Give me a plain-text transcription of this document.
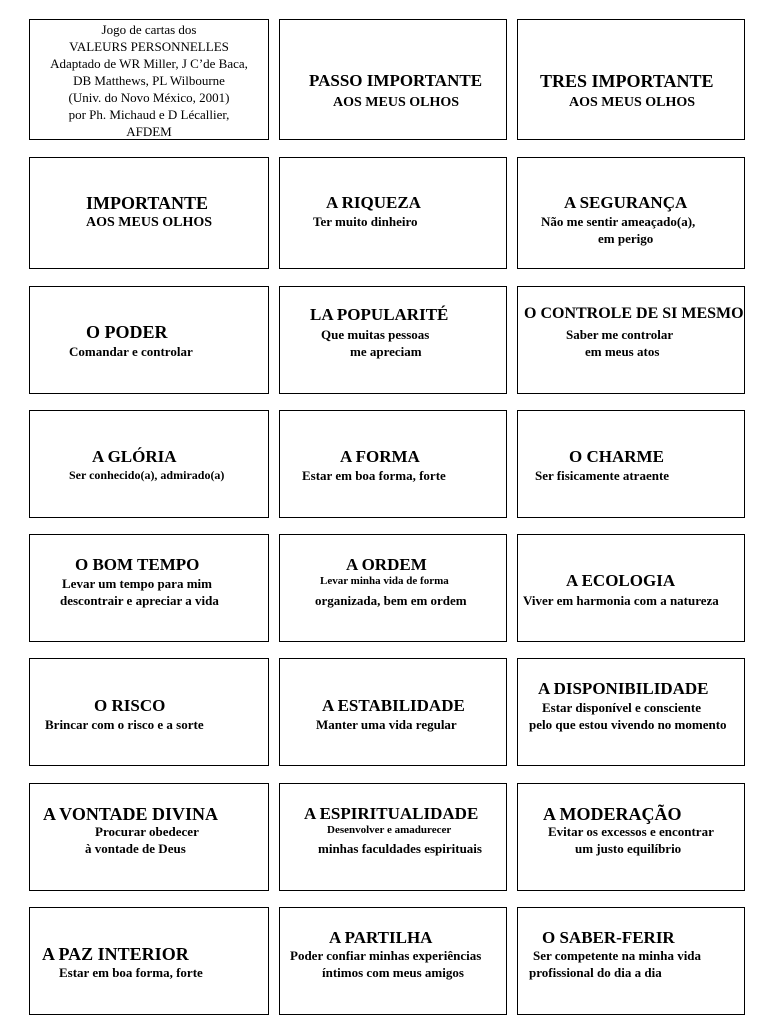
Jogo de cartas dos
VALEURS PERSONNELLES
Adaptado de WR Miller, J C’de Baca,
DB Matthews, PL Wilbourne
(Univ. do Novo México, 2001)
por Ph. Michaud e D Lécallier,
AFDEM
PASSO IMPORTANTE
AOS MEUS OLHOS
TRES IMPORTANTE
AOS MEUS OLHOS
IMPORTANTE
AOS MEUS OLHOS
A RIQUEZA
Ter muito dinheiro
A SEGURANÇA
Não me sentir ameaçado(a),
em perigo
O PODER
Comandar e controlar
LA POPULARITÉ
Que muitas pessoas
me apreciam
O CONTROLE DE SI MESMO
Saber me controlar
em meus atos
A GLÓRIA
Ser conhecido(a), admirado(a)
A FORMA
Estar em boa forma, forte
O CHARME
Ser fisicamente atraente
O BOM TEMPO
Levar um tempo para mim
descontrair e apreciar a vida
A ORDEM
Levar minha vida de forma
organizada, bem em ordem
A ECOLOGIA
Viver em harmonia com a natureza
O RISCO
Brincar com o risco e a sorte
A ESTABILIDADE
Manter uma vida regular
A DISPONIBILIDADE
Estar disponível e consciente
pelo que estou vivendo no momento
A VONTADE DIVINA
Procurar obedecer
à vontade de Deus
A ESPIRITUALIDADE
Desenvolver e amadurecer
minhas faculdades espirituais
A MODERAÇÃO
Evitar os excessos e encontrar
um justo equilíbrio
A PAZ INTERIOR
Estar em boa forma, forte
A PARTILHA
Poder confiar minhas experiências
íntimos com meus amigos
O SABER-FERIR
Ser competente na minha vida
profissional do dia a dia
